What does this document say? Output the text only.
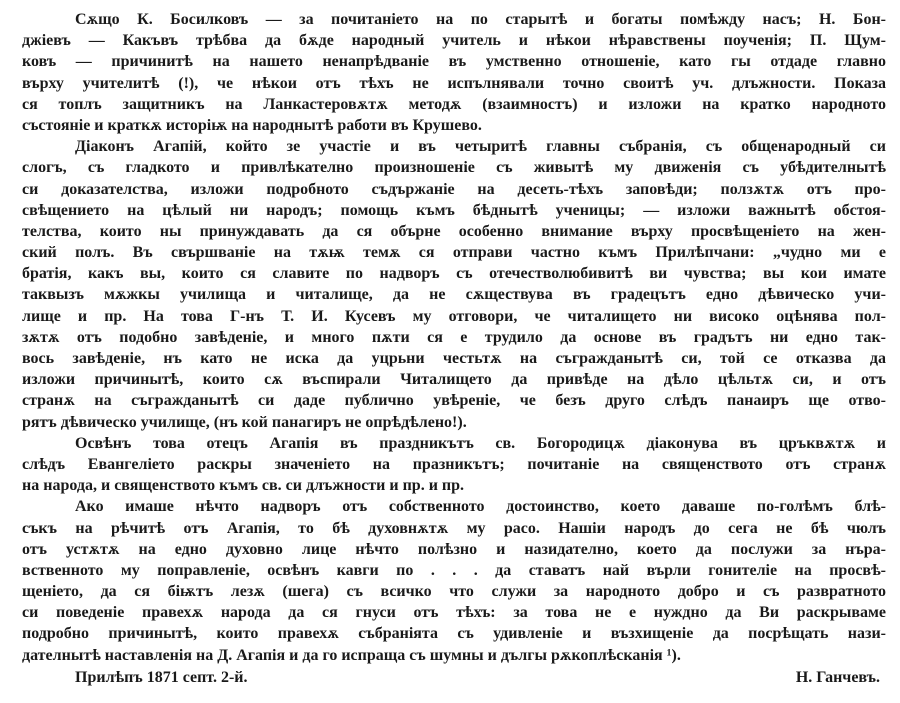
Сѫщо К. Босилковъ — за почитанiето на по старытѣ и богаты помѣжду насъ; Н. Бон-
джiевъ — Какъвъ трѣбва да бѫде народный учитель и нѣкои нѣравствены поученiя; П. Щум-
ковъ — причинитѣ на нашето ненапрѣдванiе въ умственно отношенiе, като гы отдаде главно
върху учителитѣ (!), че нѣкои отъ тѣхъ не испълнявали точно своитѣ уч. длъжности. Показа
ся топлъ защитникъ на Ланкастеровѫтѫ методѫ (взаимностъ) и изложи на кратко народното
състоянiе и краткѫ исторiѭ на народнытѣ работи въ Крушево.
Дiаконъ Агапiй, който зе участiе и въ четыритѣ главны събранiя, съ общенародный си
слогъ, съ гладкото и привлѣкателно произношенiе съ живытѣ му движенiя съ убѣдителнытѣ
си доказателства, изложи подробното съдържанiе на десеть-тѣхъ заповѣди; ползѫтѫ отъ про-
свѣщението на цѣлый ни народъ; помощь къмъ бѣднытѣ ученицы; — изложи важнытѣ обстоя-
телства, които ны принуждавать да ся обърне особенно внимание върху просвѣщенiето на жен-
ский полъ. Въ свършванiе на тѫѭ темѫ ся отправи частно къмъ Прилѣпчани: „чудно ми е
братiя, какъ вы, които ся славите по надворъ съ отечестволюбивитѣ ви чувства; вы кои имате
таквызъ мѫжкы училища и читалище, да не сѫществува въ градецътъ едно дѣвическо учи-
лище и пр. На това Г-нъ Т. И. Кусевъ му отговори, че читалището ни високо оцѣнява пол-
зѫтѫ отъ подобно завѣденiе, и много пѫти ся е трудило да основе въ градътъ ни едно так-
вось завѣденiе, нъ като не иска да уцрьни честьтѫ на съгражданытѣ си, той се отказва да
изложи причинытѣ, които сѫ въспирали Читалището да привѣде на дѣло цѣльтѫ си, и отъ
странѫ на съгражданытѣ си даде публично увѣренiе, че безъ друго слѣдъ панаиръ ще отво-
рятъ дѣвическо училище, (нъ кой панагиръ не опрѣдѣлено!).
Освѣнъ това отецъ Агапiя въ праздникътъ св. Богородицѫ дiаконува въ цръквѫтѫ и
слѣдъ Евангелiето раскры значенiето на празникътъ; почитанiе на священството отъ странѫ
на народа, и священството къмъ св. си длъжности и пр. и пр.
Ако имаше нѣчто надворъ отъ собственното достоинство, което даваше по-голѣмъ блѣ-
съкъ на рѣчитѣ отъ Агапiя, то бѣ духовнѫтѫ му расо. Нашiи народъ до сега не бѣ чюлъ
отъ устѫтѫ на едно духовно лице нѣчто полѣзно и назидателно, което да послужи за нъра-
вственното му поправленiе, освѣнъ кавги по . . . да ставатъ най върли гонителiе на просвѣ-
щенiето, да ся бiѭтъ лезѫ (шега) съ всичко что служи за народното добро и съ развратното
си поведенiе правехѫ народа да ся гнуси отъ тѣхъ: за това не е нуждно да Ви раскрываме
подробно причинытѣ, които правехѫ събранiята съ удивленiе и възхищенiе да посрѣщать нази-
дателнытѣ наставленiя на Д. Агапiя и да го испраща съ шумны и дългы рѫкоплѣсканiя ¹).
Прилѣпъ 1871 септ. 2-й.	Н. Ганчевъ.
